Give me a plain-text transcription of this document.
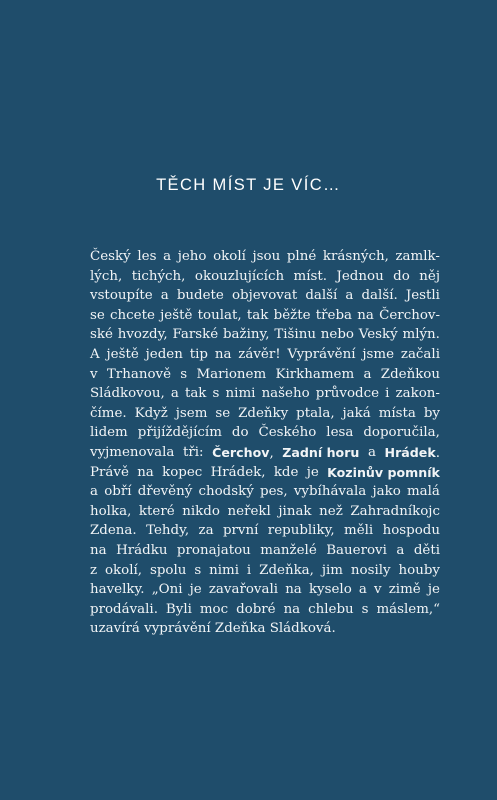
TĚCH MÍST JE VÍC…
Český les a jeho okolí jsou plné krásných, zamlk-
lých, tichých, okouzlujících míst. Jednou do něj
vstoupíte a budete objevovat další a další. Jestli
se chcete ještě toulat, tak běžte třeba na Čerchov-
ské hvozdy, Farské bažiny, Tišinu nebo Veský mlýn.
A ještě jeden tip na závěr! Vyprávění jsme začali
v Trhanově s Marionem Kirkhamem a Zdeňkou
Sládkovou, a tak s nimi našeho průvodce i zakon-
číme. Když jsem se Zdeňky ptala, jaká místa by
lidem přijíždějícím do Českého lesa doporučila,
vyjmenovala tři: Čerchov, Zadní horu a Hrádek.
Právě na kopec Hrádek, kde je Kozinův pomník
a obří dřevěný chodský pes, vybíhávala jako malá
holka, které nikdo neřekl jinak než Zahradníkojc
Zdena. Tehdy, za první republiky, měli hospodu
na Hrádku pronajatou manželé Bauerovi a děti
z okolí, spolu s nimi i Zdeňka, jim nosily houby
havelky. „Oni je zavařovali na kyselo a v zimě je
prodávali. Byli moc dobré na chlebu s máslem,“
uzavírá vyprávění Zdeňka Sládková.
